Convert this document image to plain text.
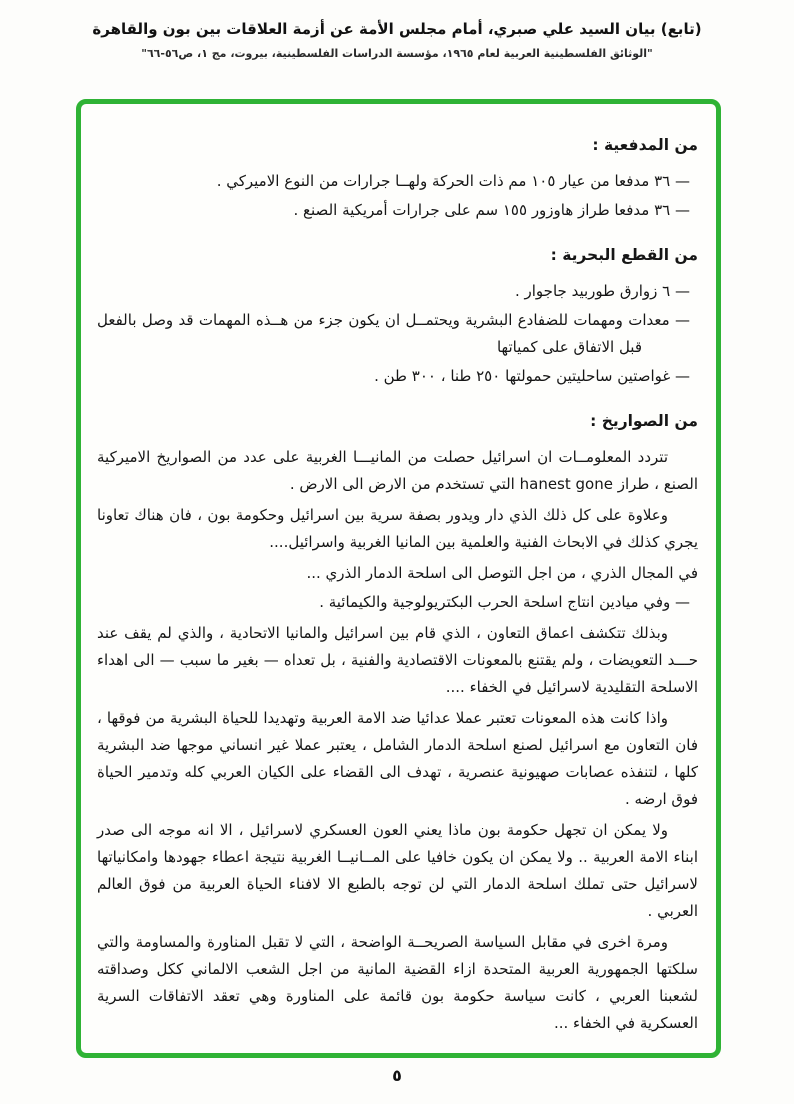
(تابع) بيان السيد علي صبري، أمام مجلس الأمة عن أزمة العلاقات بين بون والقاهرة
"الوثائق الفلسطينية العربية لعام ١٩٦٥، مؤسسة الدراسات الفلسطينية، بيروت، مج ١، ص٥٦-٦٦"
من المدفعية :

— ٣٦ مدفعا من عيار ١٠٥ مم ذات الحركة ولهــا جرارات من النوع الاميركي .

— ٣٦ مدفعا طراز هاوزور ١٥٥ سم على جرارات أمريكية الصنع .

من القطع البحرية :

— ٦ زوارق طوربيد جاجوار .

— معدات ومهمات للضفادع البشرية ويحتمــل ان يكون جزء من هــذه المهمات قد وصل بالفعل قبل الاتفاق على كمياتها

— غواصتين ساحليتين حمولتها ٢٥٠ طنا ، ٣٠٠ طن .

من الصواريخ :

تتردد المعلومــات ان اسرائيل حصلت من المانيـــا الغربية على عدد من الصواريخ الاميركية الصنع ، طراز hanest gone التي تستخدم من الارض الى الارض .

وعلاوة على كل ذلك الذي دار ويدور بصفة سرية بين اسرائيل وحكومة بون ، فان هناك تعاونا يجري كذلك في الابحاث الفنية والعلمية بين المانيا الغربية واسرائيل....

في المجال الذري ، من اجل التوصل الى اسلحة الدمار الذري ...

— وفي ميادين انتاج اسلحة الحرب البكتريولوجية والكيمائية .

وبذلك تتكشف اعماق التعاون ، الذي قام بين اسرائيل والمانيا الاتحادية ، والذي لم يقف عند حـــد التعويضات ، ولم يقتنع بالمعونات الاقتصادية والفنية ، بل تعداه — بغير ما سبب — الى اهداء الاسلحة التقليدية لاسرائيل في الخفاء ....

واذا كانت هذه المعونات تعتبر عملا عدائيا ضد الامة العربية وتهديدا للحياة البشرية من فوقها ، فان التعاون مع اسرائيل لصنع اسلحة الدمار الشامل ، يعتبر عملا غير انساني موجها ضد البشرية كلها ، لتنفذه عصابات صهيونية عنصرية ، تهدف الى القضاء على الكيان العربي كله وتدمير الحياة فوق ارضه .

ولا يمكن ان تجهل حكومة بون ماذا يعني العون العسكري لاسرائيل ، الا انه موجه الى صدر ابناء الامة العربية .. ولا يمكن ان يكون خافيا على المــانيــا الغربية نتيجة اعطاء جهودها وامكانياتها لاسرائيل حتى تملك اسلحة الدمار التي لن توجه بالطبع الا لافناء الحياة العربية من فوق العالم العربي .

ومرة اخرى في مقابل السياسة الصريحــة الواضحة ، التي لا تقبل المناورة والمساومة والتي سلكتها الجمهورية العربية المتحدة ازاء القضية المانية من اجل الشعب الالماني ككل وصداقته لشعبنا العربي ، كانت سياسة حكومة بون قائمة على المناورة وهي تعقد الاتفاقات السرية العسكرية في الخفاء ...

٥
